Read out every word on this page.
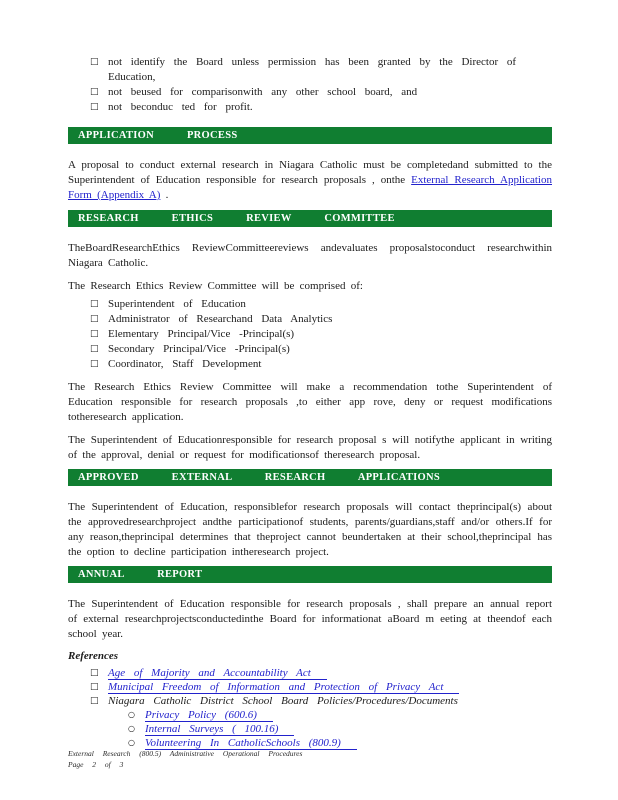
□ not identify the Board unless permission has been granted by the Director of Education,
□ not beused for comparisonwith any other school board, and
□ not beconduc ted for profit.
APPLICATION PROCESS

A proposal to conduct external research in Niagara Catholic must be completedand submitted to the Superintendent of Education responsible for research proposals , onthe External Research Application Form (Appendix A) .

RESEARCH ETHICS REVIEW COMMITTEE

TheBoardResearchEthics ReviewCommitteereviews andevaluates proposalstoconduct researchwithin Niagara Catholic.

The Research Ethics Review Committee will be comprised of:

□ Superintendent of Education
□ Administrator of Researchand Data Analytics
□ Elementary Principal/Vice -Principal(s)
□ Secondary Principal/Vice -Principal(s)
□ Coordinator, Staff Development

The Research Ethics Review Committee will make a recommendation tothe Superintendent of Education responsible for research proposals ,to either app rove, deny or request modifications totheresearch application.

The Superintendent of Educationresponsible for research proposal s will notifythe applicant in writing of the approval, denial or request for modificationsof theresearch proposal.

APPROVED EXTERNAL RESEARCH APPLICATIONS

The Superintendent of Education, responsiblefor research proposals will contact theprincipal(s) about the approvedresearchproject andthe participationof students, parents/guardians,staff and/or others.If for any reason,theprincipal determines that theproject cannot beundertaken at their school,theprincipal has the option to decline participation intheresearch project.

ANNUAL REPORT

The Superintendent of Education responsible for research proposals , shall prepare an annual report of external researchprojectsconductedinthe Board for informationat aBoard m eeting at theendof each school year.

References
□ Age of Majority and Accountability Act
□ Municipal Freedom of Information and Protection of Privacy Act
□ Niagara Catholic District School Board Policies/Procedures/Documents
○ Privacy Policy (600.6)
○ Internal Surveys ( 100.16)
○ Volunteering In CatholicSchools (800.9)
External Research (800.5) Administrative Operational Procedures
Page 2 of 3
